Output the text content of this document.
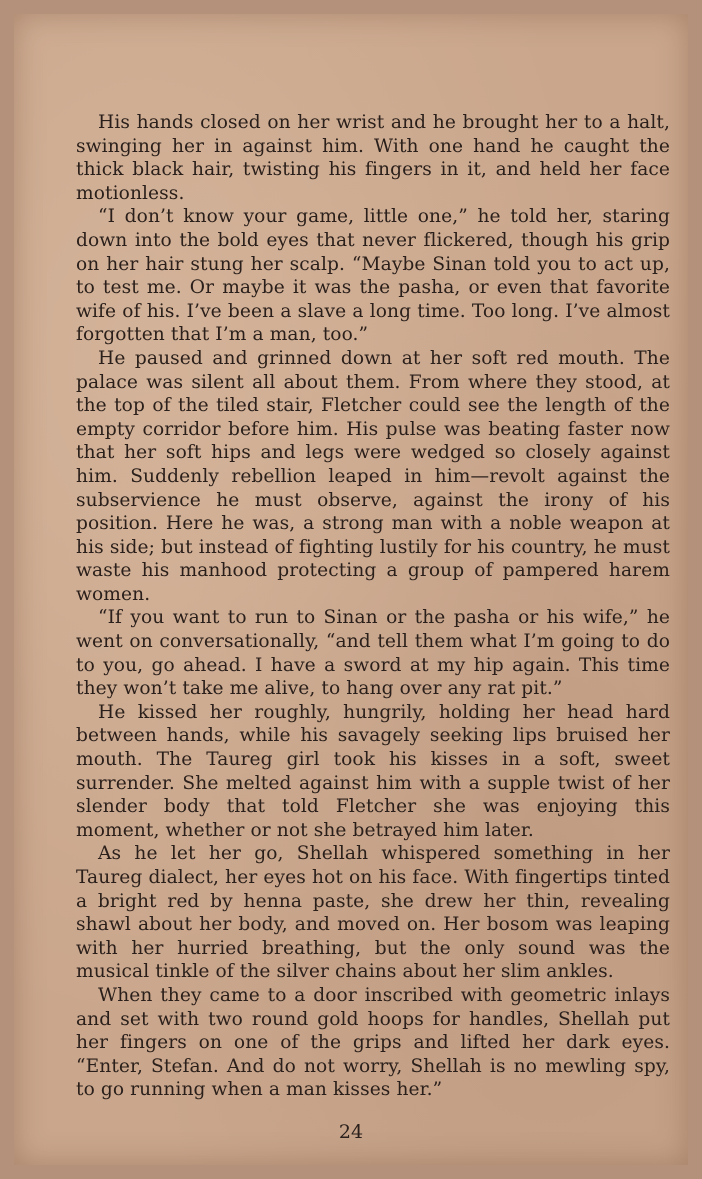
His hands closed on her wrist and he brought her to a halt, swinging her in against him. With one hand he caught the thick black hair, twisting his fingers in it, and held her face motionless.

“I don’t know your game, little one,” he told her, staring down into the bold eyes that never flickered, though his grip on her hair stung her scalp. “Maybe Sinan told you to act up, to test me. Or maybe it was the pasha, or even that favorite wife of his. I’ve been a slave a long time. Too long. I’ve almost forgotten that I’m a man, too.”

He paused and grinned down at her soft red mouth. The palace was silent all about them. From where they stood, at the top of the tiled stair, Fletcher could see the length of the empty corridor before him. His pulse was beating faster now that her soft hips and legs were wedged so closely against him. Suddenly rebellion leaped in him—revolt against the subservience he must observe, against the irony of his position. Here he was, a strong man with a noble weapon at his side; but instead of fighting lustily for his country, he must waste his manhood protecting a group of pampered harem women.

“If you want to run to Sinan or the pasha or his wife,” he went on conversationally, “and tell them what I’m going to do to you, go ahead. I have a sword at my hip again. This time they won’t take me alive, to hang over any rat pit.”

He kissed her roughly, hungrily, holding her head hard between hands, while his savagely seeking lips bruised her mouth. The Taureg girl took his kisses in a soft, sweet surrender. She melted against him with a supple twist of her slender body that told Fletcher she was enjoying this moment, whether or not she betrayed him later.

As he let her go, Shellah whispered something in her Taureg dialect, her eyes hot on his face. With fingertips tinted a bright red by henna paste, she drew her thin, revealing shawl about her body, and moved on. Her bosom was leaping with her hurried breathing, but the only sound was the musical tinkle of the silver chains about her slim ankles.

When they came to a door inscribed with geometric inlays and set with two round gold hoops for handles, Shellah put her fingers on one of the grips and lifted her dark eyes. “Enter, Stefan. And do not worry, Shellah is no mewling spy, to go running when a man kisses her.”

24
